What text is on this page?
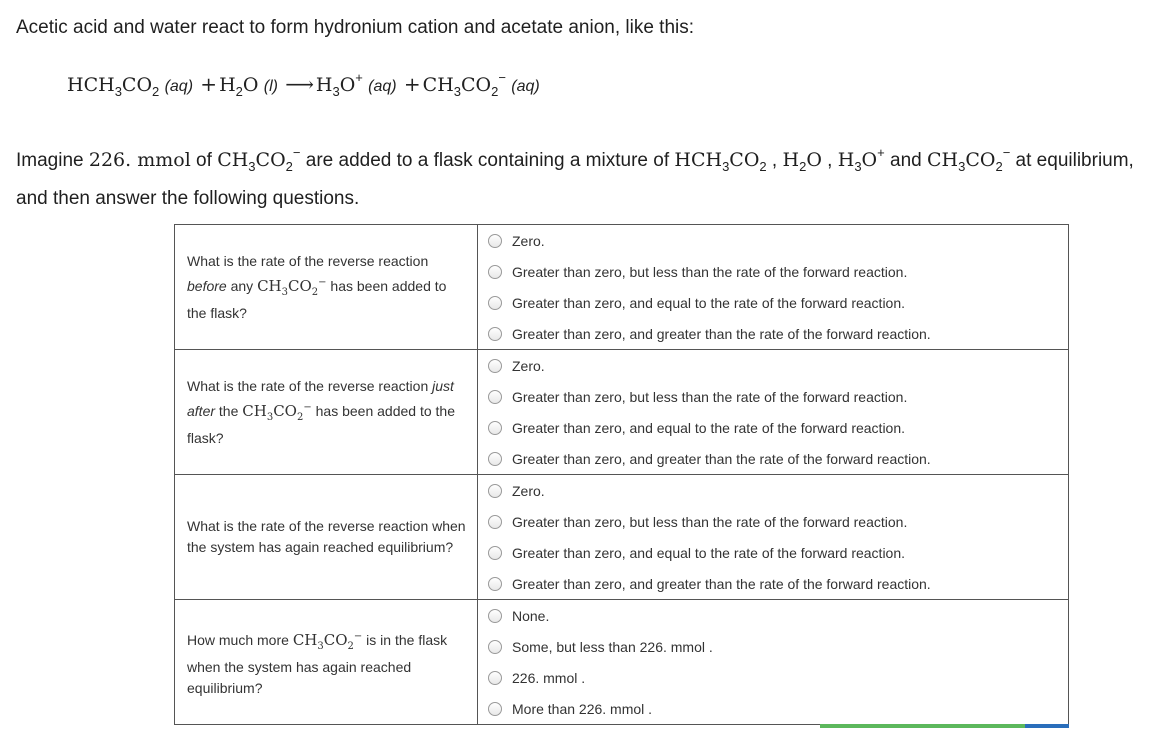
Acetic acid and water react to form hydronium cation and acetate anion, like this:
$HCH_3CO_2$ $(aq) + H_2O$ (l) ⟶ $H_3O^+$ $(aq) + CH_3CO_2^-$ (aq)
Imagine 226. mmol of $CH_3CO_2^-$ are added to a flask containing a mixture of $HCH_3CO_2$ , $H_2O$ , $H_3O^+$ and $CH_3CO_2^-$ at equilibrium, and then answer the following questions.
What is the rate of the reverse reaction before any $CH_3CO_2^-$ has been added to the flask?	Zero.
Greater than zero, but less than the rate of the forward reaction.
Greater than zero, and equal to the rate of the forward reaction.
Greater than zero, and greater than the rate of the forward reaction.

What is the rate of the reverse reaction just after the $CH_3CO_2^-$ has been added to the flask?	Zero.
Greater than zero, but less than the rate of the forward reaction.
Greater than zero, and equal to the rate of the forward reaction.
Greater than zero, and greater than the rate of the forward reaction.

What is the rate of the reverse reaction when the system has again reached equilibrium?	Zero.
Greater than zero, but less than the rate of the forward reaction.
Greater than zero, and equal to the rate of the forward reaction.
Greater than zero, and greater than the rate of the forward reaction.

How much more $CH_3CO_2^-$ is in the flask when the system has again reached equilibrium?	None.
Some, but less than 226. mmol .
226. mmol .
More than 226. mmol .
